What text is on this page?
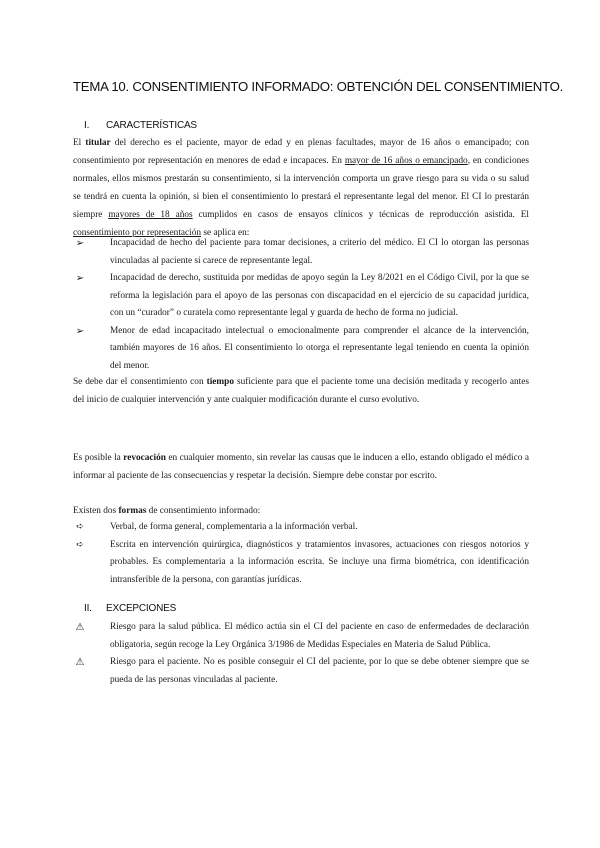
TEMA 10. CONSENTIMIENTO INFORMADO: OBTENCIÓN DEL CONSENTIMIENTO.
I. CARACTERÍSTICAS

El titular del derecho es el paciente, mayor de edad y en plenas facultades, mayor de 16 años o emancipado; con consentimiento por representación en menores de edad e incapaces. En mayor de 16 años o emancipado, en condiciones normales, ellos mismos prestarán su consentimiento, si la intervención comporta un grave riesgo para su vida o su salud se tendrá en cuenta la opinión, si bien el consentimiento lo prestará el representante legal del menor. El CI lo prestarán siempre mayores de 18 años cumplidos en casos de ensayos clínicos y técnicas de reproducción asistida. El consentimiento por representación se aplica en:

➢	Incapacidad de hecho del paciente para tomar decisiones, a criterio del médico. El CI lo otorgan las personas vinculadas al paciente si carece de representante legal.
➢	Incapacidad de derecho, sustituida por medidas de apoyo según la Ley 8/2021 en el Código Civil, por la que se reforma la legislación para el apoyo de las personas con discapacidad en el ejercicio de su capacidad jurídica, con un “curador” o curatela como representante legal y guarda de hecho de forma no judicial.
➢	Menor de edad incapacitado intelectual o emocionalmente para comprender el alcance de la intervención, también mayores de 16 años. El consentimiento lo otorga el representante legal teniendo en cuenta la opinión del menor.

Se debe dar el consentimiento con tiempo suficiente para que el paciente tome una decisión meditada y recogerlo antes del inicio de cualquier intervención y ante cualquier modificación durante el curso evolutivo.

Es posible la revocación en cualquier momento, sin revelar las causas que le inducen a ello, estando obligado el médico a informar al paciente de las consecuencias y respetar la decisión. Siempre debe constar por escrito.

Existen dos formas de consentimiento informado:

➪	Verbal, de forma general, complementaria a la información verbal.
➪	Escrita en intervención quirúrgica, diagnósticos y tratamientos invasores, actuaciones con riesgos notorios y probables. Es complementaria a la información escrita. Se incluye una firma biométrica, con identificación intransferible de la persona, con garantías jurídicas.
II. EXCEPCIONES
⚠	Riesgo para la salud pública. El médico actúa sin el CI del paciente en caso de enfermedades de declaración obligatoria, según recoge la Ley Orgánica 3/1986 de Medidas Especiales en Materia de Salud Pública.
⚠	Riesgo para el paciente. No es posible conseguir el CI del paciente, por lo que se debe obtener siempre que se pueda de las personas vinculadas al paciente.
